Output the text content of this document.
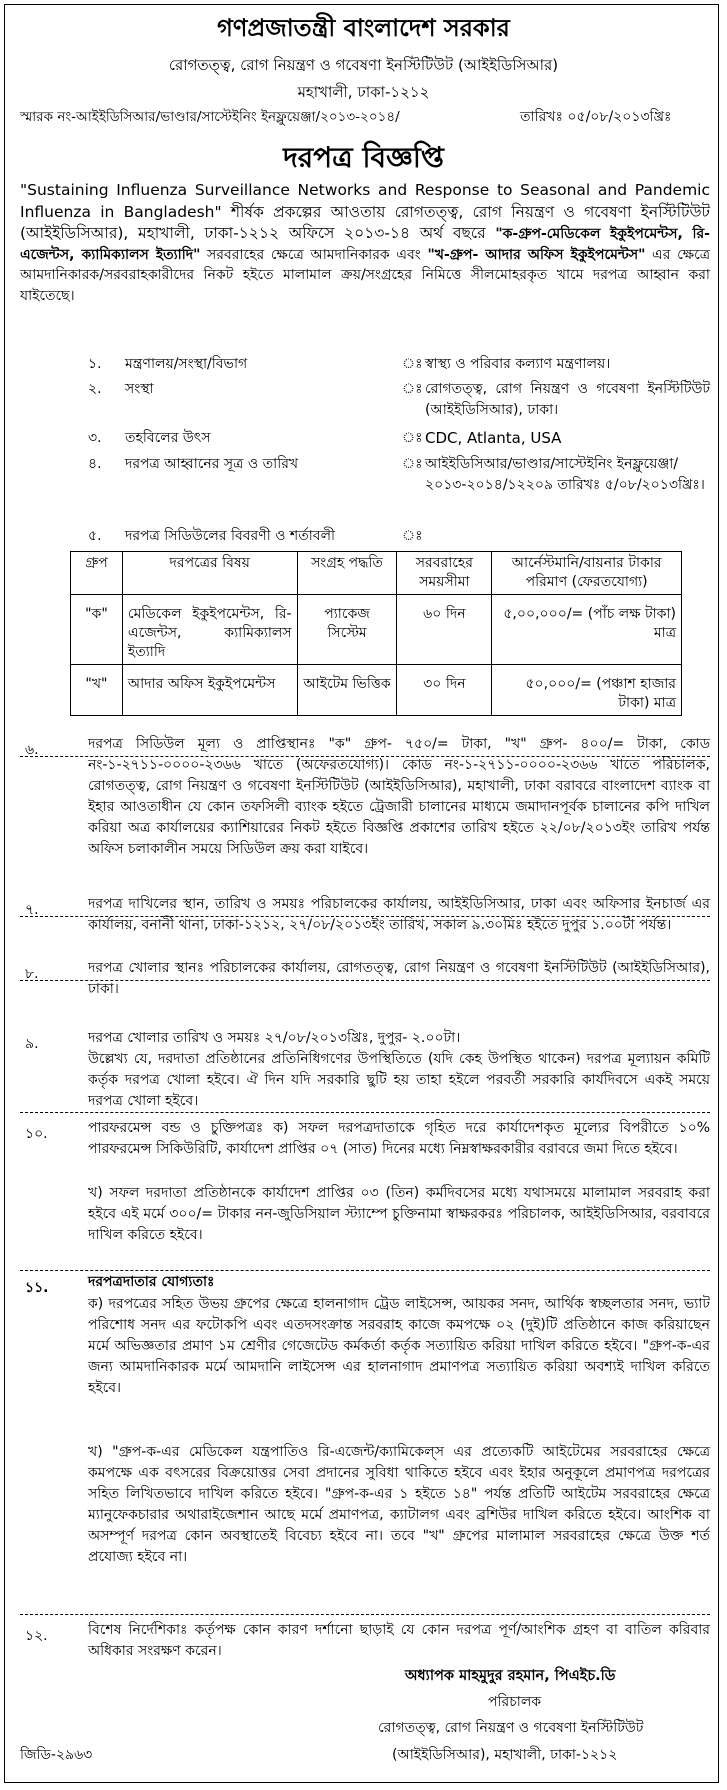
গণপ্রজাতন্ত্রী বাংলাদেশ সরকার
রোগতত্ত্ব, রোগ নিয়ন্ত্রণ ও গবেষণা ইনস্টিটিউট (আইইডিসিআর)
মহাখালী, ঢাকা-১২১২
স্মারক নং-আইইডিসিআর/ভাণ্ডার/সাস্টেইনিং ইনফ্লুয়েঞ্জা/২০১৩-২০১৪/	তারিখঃ ০৫/০৮/২০১৩খ্রিঃ
দরপত্র বিজ্ঞপ্তি
"Sustaining Influenza Surveillance Networks and Response to Seasonal and Pandemic Influenza in Bangladesh" শীর্ষক প্রকল্পের আওতায় রোগতত্ত্ব, রোগ নিয়ন্ত্রণ ও গবেষণা ইনস্টিটিউট (আইইডিসিআর), মহাখালী, ঢাকা-১২১২ অফিসে ২০১৩-১৪ অর্থ বছরে "ক-গ্রুপ-মেডিকেল ইকুইপমেন্টস, রি-এজেন্টস, ক্যামিক্যালস ইত্যাদি" সরবরাহের ক্ষেত্রে আমদানিকারক এবং "খ-গ্রুপ- আদার অফিস ইকুইপমেন্টস" এর ক্ষেত্রে আমদানিকারক/সরবরাহকারীদের নিকট হইতে মালামাল ক্রয়/সংগ্রহের নিমিত্তে সীলমোহরকৃত খামে দরপত্র আহ্বান করা যাইতেছে।
১. মন্ত্রণালয়/সংস্থা/বিভাগ	ঃ স্বাস্থ্য ও পরিবার কল্যাণ মন্ত্রণালয়।
২. সংস্থা	ঃ রোগতত্ত্ব, রোগ নিয়ন্ত্রণ ও গবেষণা ইনস্টিটিউট (আইইডিসিআর), ঢাকা।
৩. তহবিলের উৎস	ঃ CDC, Atlanta, USA
৪. দরপত্র আহ্বানের সূত্র ও তারিখ	ঃ আইইডিসিআর/ভাণ্ডার/সাস্টেইনিং ইনফ্লুয়েঞ্জা/২০১৩-২০১৪/১২২০৯ তারিখঃ ৫/০৮/২০১৩খ্রিঃ।
৫. দরপত্র সিডিউলের বিবরণী ও শর্তাবলী	ঃ
গ্রুপ	দরপত্রের বিষয়	সংগ্রহ পদ্ধতি	সরবরাহের সময়সীমা	আর্নেস্টমানি/বায়নার টাকার পরিমাণ (ফেরতযোগ্য)
"ক"	মেডিকেল ইকুইপমেন্টস, রি-এজেন্টস, ক্যামিক্যালস ইত্যাদি	প্যাকেজ সিস্টেম	৬০ দিন	৫,০০,০০০/= (পাঁচ লক্ষ টাকা) মাত্র
"খ"	আদার অফিস ইকুইপমেন্টস	আইটেম ভিত্তিক	৩০ দিন	৫০,০০০/= (পঞ্চাশ হাজার টাকা) মাত্র
৬.	দরপত্র সিডিউল মূল্য ও প্রাপ্তিস্থানঃ "ক" গ্রুপ- ৭৫০/= টাকা, "খ" গ্রুপ- ৪০০/= টাকা, কোড নং-১-২৭১১-০০০০-২৩৬৬ খাতে (অফেরতযোগ্য)। কোড নং-১-২৭১১-০০০০-২৩৬৬ খাতে পরিচালক, রোগতত্ত্ব, রোগ নিয়ন্ত্রণ ও গবেষণা ইনস্টিটিউট (আইইডিসিআর), মহাখালী, ঢাকা বরাবরে বাংলাদেশ ব্যাংক বা ইহার আওতাধীন যে কোন তফসিলী ব্যাংক হইতে ট্রেজারী চালানের মাধ্যমে জমাদানপূর্বক চালানের কপি দাখিল করিয়া অত্র কার্যালয়ের ক্যাশিয়ারের নিকট হইতে বিজ্ঞপ্তি প্রকাশের তারিখ হইতে ২২/০৮/২০১৩ইং তারিখ পর্যন্ত অফিস চলাকালীন সময়ে সিডিউল ক্রয় করা যাইবে।
৭.	দরপত্র দাখিলের স্থান, তারিখ ও সময়ঃ পরিচালকের কার্যালয়, আইইডিসিআর, ঢাকা এবং অফিসার ইনচার্জ এর কার্যালয়, বনানী থানা, ঢাকা-১২১২, ২৭/০৮/২০১৩ইং তারিখ, সকাল ৯.৩০মিঃ হইতে দুপুর ১.০০টা পর্যন্ত।
৮.	দরপত্র খোলার স্থানঃ পরিচালকের কার্যালয়, রোগতত্ত্ব, রোগ নিয়ন্ত্রণ ও গবেষণা ইনস্টিটিউট (আইইডিসিআর), ঢাকা।
৯.	দরপত্র খোলার তারিখ ও সময়ঃ ২৭/০৮/২০১৩খ্রিঃ, দুপুর- ২.০০টা।
উল্লেখ্য যে, দরদাতা প্রতিষ্ঠানের প্রতিনিধিগণের উপস্থিতিতে (যদি কেহ উপস্থিত থাকেন) দরপত্র মূল্যায়ন কমিটি কর্তৃক দরপত্র খোলা হইবে। ঐ দিন যদি সরকারি ছুটি হয় তাহা হইলে পরবর্তী সরকারি কার্যদিবসে একই সময়ে দরপত্র খোলা হইবে।
১০.	পারফরমেন্স বন্ড ও চুক্তিপত্রঃ ক) সফল দরপত্রদাতাকে গৃহিত দরে কার্যাদেশকৃত মূল্যের বিপরীতে ১০% পারফরমেন্স সিকিউরিটি, কার্যাদেশ প্রাপ্তির ০৭ (সাত) দিনের মধ্যে নিম্নস্বাক্ষরকারীর বরাবরে জমা দিতে হইবে।
খ) সফল দরদাতা প্রতিষ্ঠানকে কার্যাদেশ প্রাপ্তির ০৩ (তিন) কর্মদিবসের মধ্যে যথাসময়ে মালামাল সরবরাহ করা হইবে এই মর্মে ৩০০/= টাকার নন-জুডিসিয়াল স্ট্যাম্পে চুক্তিনামা স্বাক্ষরকরঃ পরিচালক, আইইডিসিআর, বরবাবরে দাখিল করিতে হইবে।
১১.	দরপত্রদাতার যোগ্যতাঃ
ক) দরপত্রের সহিত উভয় গ্রুপের ক্ষেত্রে হালনাগাদ ট্রেড লাইসেন্স, আয়কর সনদ, আর্থিক স্বচ্ছলতার সনদ, ভ্যাট পরিশোধ সনদ এর ফটোকপি এবং এতদসংক্রান্ত সরবরাহ কাজে কমপক্ষে ০২ (দুই)টি প্রতিষ্ঠানে কাজ করিয়াছেন মর্মে অভিজ্ঞতার প্রমাণ ১ম শ্রেণীর গেজেটেড কর্মকর্তা কর্তৃক সত্যায়িত করিয়া দাখিল করিতে হইবে। "গ্রুপ-ক-এর জন্য আমদানিকারক মর্মে আমদানি লাইসেন্স এর হালনাগাদ প্রমাণপত্র সত্যায়িত করিয়া অবশ্যই দাখিল করিতে হইবে।
খ) "গ্রুপ-ক-এর মেডিকেল যন্ত্রপাতিও রি-এজেন্ট/ক্যামিকেল্স এর প্রত্যেকটি আইটেমের সরবরাহের ক্ষেত্রে কমপক্ষে এক বৎসরের বিক্রয়োত্তর সেবা প্রদানের সুবিধা থাকিতে হইবে এবং ইহার অনুকূলে প্রমাণপত্র দরপত্রের সহিত লিখিতভাবে দাখিল করিতে হইবে। "গ্রুপ-ক-এর ১ হইতে ১৪" পর্যন্ত প্রতিটি আইটেম সরবরাহের ক্ষেত্রে ম্যানুফেকচারার অথারাইজেশান আছে মর্মে প্রমাণপত্র, ক্যাটালগ এবং ব্রশিউর দাখিল করিতে হইবে। আংশিক বা অসম্পূর্ণ দরপত্র কোন অবস্থাতেই বিবেচ্য হইবে না। তবে "খ" গ্রুপের মালামাল সরবরাহের ক্ষেত্রে উক্ত শর্ত প্রযোজ্য হইবে না।
১২.	বিশেষ নির্দেশিকাঃ কর্তৃপক্ষ কোন কারণ দর্শানো ছাড়াই যে কোন দরপত্র পূর্ণ/আংশিক গ্রহণ বা বাতিল করিবার অধিকার সংরক্ষণ করেন।
অধ্যাপক মাহমুদুর রহমান, পিএইচ.ডি
পরিচালক
রোগতত্ত্ব, রোগ নিয়ন্ত্রণ ও গবেষণা ইনস্টিটিউট
(আইইডিসিআর), মহাখালী, ঢাকা-১২১২
জিডি-২৯৬৩
